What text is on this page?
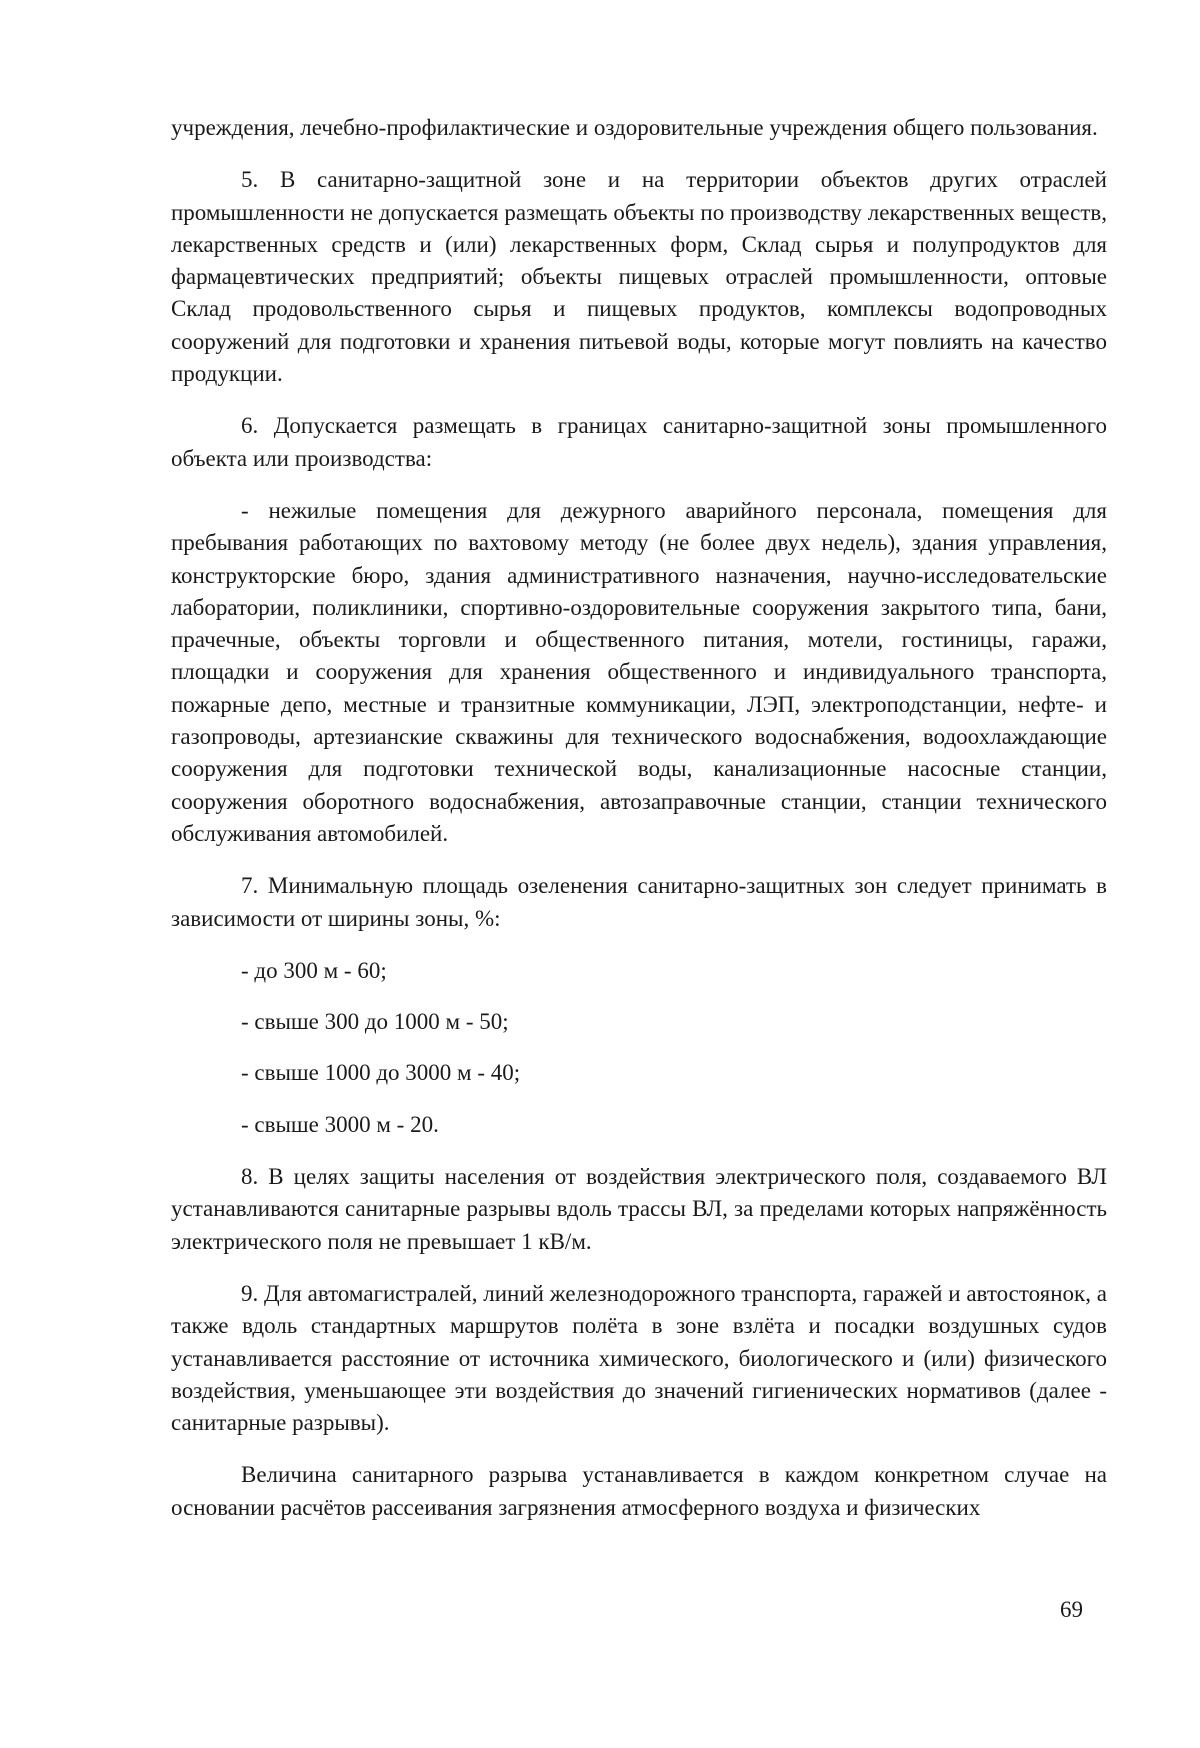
учреждения, лечебно-профилактические и оздоровительные учреждения общего пользования.

5. В санитарно-защитной зоне и на территории объектов других отраслей промышленности не допускается размещать объекты по производству лекарственных веществ, лекарственных средств и (или) лекарственных форм, Склад сырья и полупродуктов для фармацевтических предприятий; объекты пищевых отраслей промышленности, оптовые Склад продовольственного сырья и пищевых продуктов, комплексы водопроводных сооружений для подготовки и хранения питьевой воды, которые могут повлиять на качество продукции.

6. Допускается размещать в границах санитарно-защитной зоны промышленного объекта или производства:

- нежилые помещения для дежурного аварийного персонала, помещения для пребывания работающих по вахтовому методу (не более двух недель), здания управления, конструкторские бюро, здания административного назначения, научно-исследовательские лаборатории, поликлиники, спортивно-оздоровительные сооружения закрытого типа, бани, прачечные, объекты торговли и общественного питания, мотели, гостиницы, гаражи, площадки и сооружения для хранения общественного и индивидуального транспорта, пожарные депо, местные и транзитные коммуникации, ЛЭП, электроподстанции, нефте- и газопроводы, артезианские скважины для технического водоснабжения, водоохлаждающие сооружения для подготовки технической воды, канализационные насосные станции, сооружения оборотного водоснабжения, автозаправочные станции, станции технического обслуживания автомобилей.

7. Минимальную площадь озеленения санитарно-защитных зон следует принимать в зависимости от ширины зоны, %:

- до 300 м - 60;

- свыше 300 до 1000 м - 50;

- свыше 1000 до 3000 м - 40;

- свыше 3000 м - 20.

8. В целях защиты населения от воздействия электрического поля, создаваемого ВЛ устанавливаются санитарные разрывы вдоль трассы ВЛ, за пределами которых напряжённость электрического поля не превышает 1 кВ/м.

9. Для автомагистралей, линий железнодорожного транспорта, гаражей и автостоянок, а также вдоль стандартных маршрутов полёта в зоне взлёта и посадки воздушных судов устанавливается расстояние от источника химического, биологического и (или) физического воздействия, уменьшающее эти воздействия до значений гигиенических нормативов (далее - санитарные разрывы).

Величина санитарного разрыва устанавливается в каждом конкретном случае на основании расчётов рассеивания загрязнения атмосферного воздуха и физических

69
